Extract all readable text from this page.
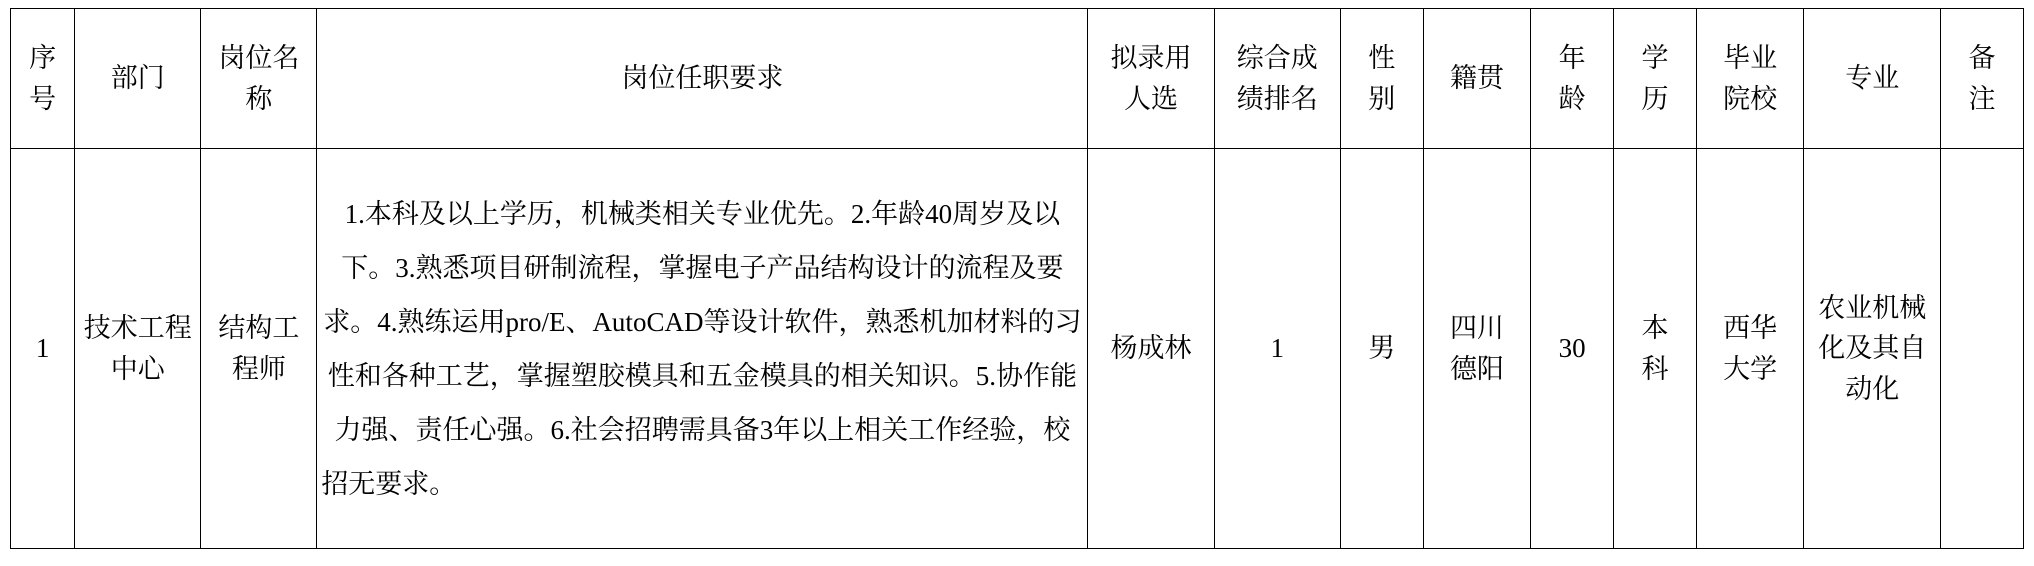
序号	部门	岗位名称	岗位任职要求	拟录用人选	综合成绩排名	性别	籍贯	年龄	学历	毕业院校	专业	备注
1	技术工程中心	结构工程师	1.本科及以上学历，机械类相关专业优先。2.年龄40周岁及以下。3.熟悉项目研制流程，掌握电子产品结构设计的流程及要求。4.熟练运用pro/E、AutoCAD等设计软件，熟悉机加材料的习性和各种工艺，掌握塑胶模具和五金模具的相关知识。5.协作能力强、责任心强。6.社会招聘需具备3年以上相关工作经验，校招无要求。	杨成林	1	男	四川德阳	30	本科	西华大学	农业机械化及其自动化	
